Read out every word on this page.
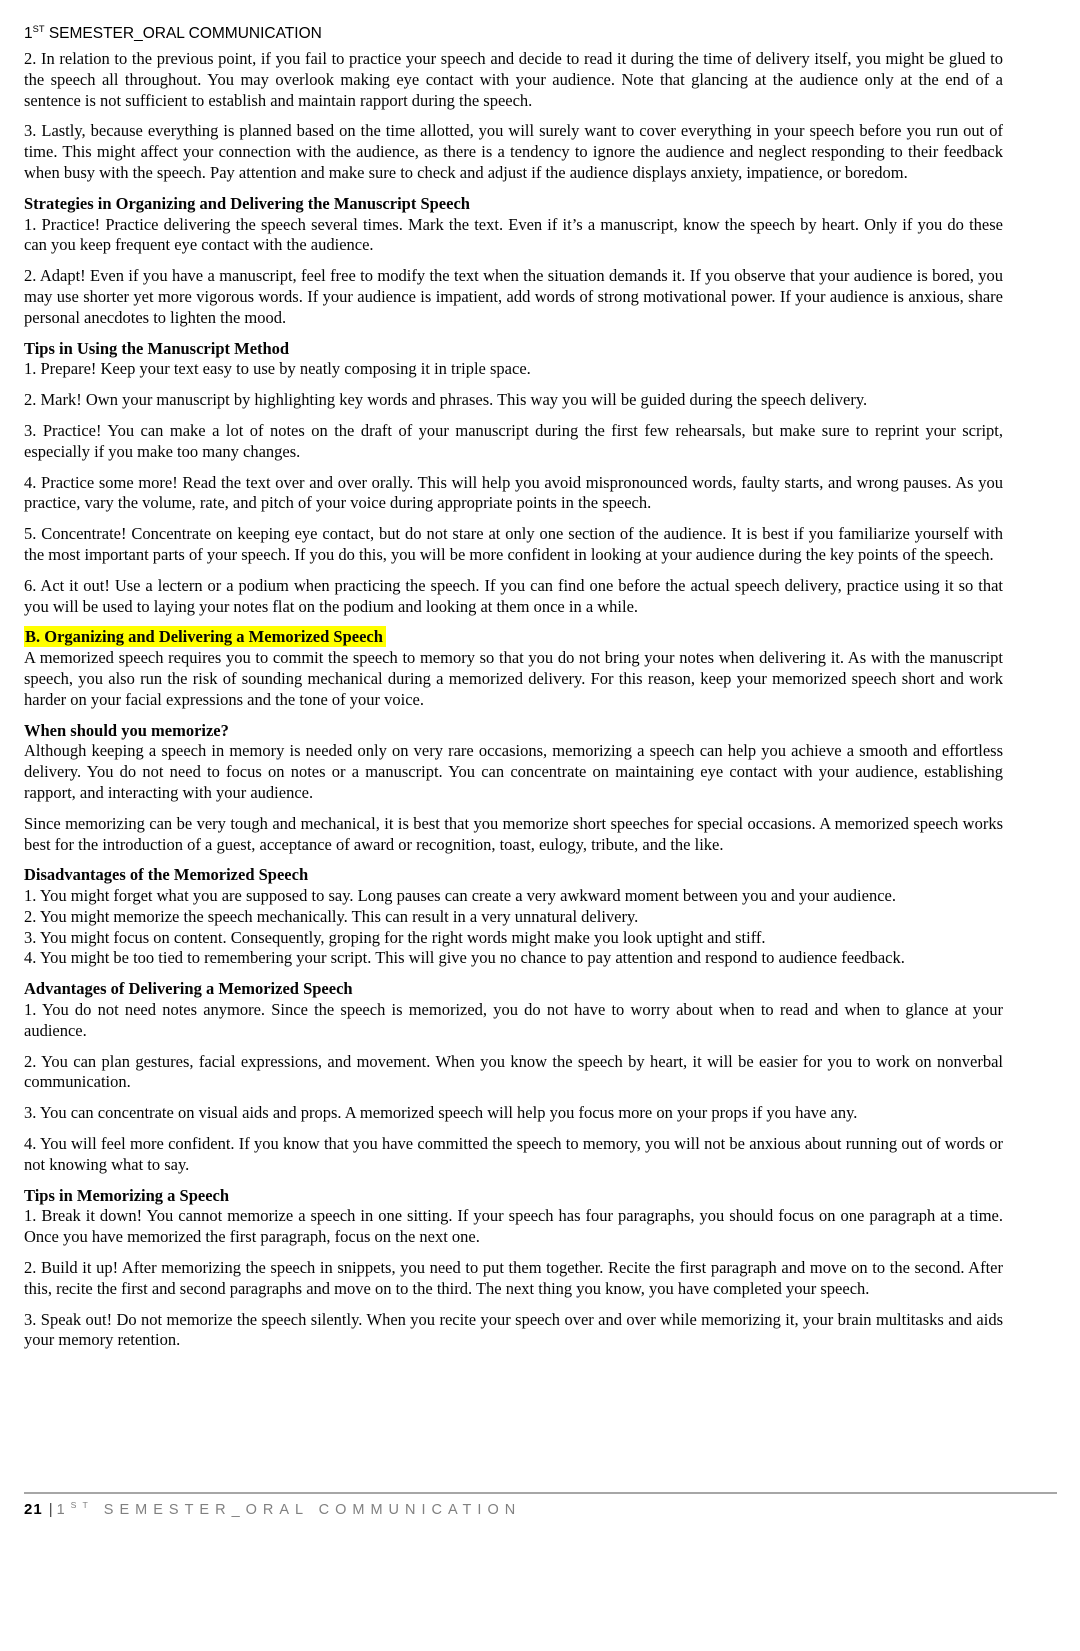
1ST SEMESTER_ORAL COMMUNICATION

2. In relation to the previous point, if you fail to practice your speech and decide to read it during the time of delivery itself, you might be glued to the speech all throughout. You may overlook making eye contact with your audience. Note that glancing at the audience only at the end of a sentence is not sufficient to establish and maintain rapport during the speech.

3. Lastly, because everything is planned based on the time allotted, you will surely want to cover everything in your speech before you run out of time. This might affect your connection with the audience, as there is a tendency to ignore the audience and neglect responding to their feedback when busy with the speech. Pay attention and make sure to check and adjust if the audience displays anxiety, impatience, or boredom.

Strategies in Organizing and Delivering the Manuscript Speech

1. Practice! Practice delivering the speech several times. Mark the text. Even if it’s a manuscript, know the speech by heart. Only if you do these can you keep frequent eye contact with the audience.

2. Adapt! Even if you have a manuscript, feel free to modify the text when the situation demands it. If you observe that your audience is bored, you may use shorter yet more vigorous words. If your audience is impatient, add words of strong motivational power. If your audience is anxious, share personal anecdotes to lighten the mood.

Tips in Using the Manuscript Method

1. Prepare! Keep your text easy to use by neatly composing it in triple space.

2. Mark! Own your manuscript by highlighting key words and phrases. This way you will be guided during the speech delivery.

3. Practice! You can make a lot of notes on the draft of your manuscript during the first few rehearsals, but make sure to reprint your script, especially if you make too many changes.

4. Practice some more! Read the text over and over orally. This will help you avoid mispronounced words, faulty starts, and wrong pauses. As you practice, vary the volume, rate, and pitch of your voice during appropriate points in the speech.

5. Concentrate! Concentrate on keeping eye contact, but do not stare at only one section of the audience. It is best if you familiarize yourself with the most important parts of your speech. If you do this, you will be more confident in looking at your audience during the key points of the speech.

6. Act it out! Use a lectern or a podium when practicing the speech. If you can find one before the actual speech delivery, practice using it so that you will be used to laying your notes flat on the podium and looking at them once in a while.

B. Organizing and Delivering a Memorized Speech

A memorized speech requires you to commit the speech to memory so that you do not bring your notes when delivering it. As with the manuscript speech, you also run the risk of sounding mechanical during a memorized delivery. For this reason, keep your memorized speech short and work harder on your facial expressions and the tone of your voice.

When should you memorize?

Although keeping a speech in memory is needed only on very rare occasions, memorizing a speech can help you achieve a smooth and effortless delivery. You do not need to focus on notes or a manuscript. You can concentrate on maintaining eye contact with your audience, establishing rapport, and interacting with your audience.

Since memorizing can be very tough and mechanical, it is best that you memorize short speeches for special occasions. A memorized speech works best for the introduction of a guest, acceptance of award or recognition, toast, eulogy, tribute, and the like.

Disadvantages of the Memorized Speech

1. You might forget what you are supposed to say. Long pauses can create a very awkward moment between you and your audience.

2. You might memorize the speech mechanically. This can result in a very unnatural delivery.

3. You might focus on content. Consequently, groping for the right words might make you look uptight and stiff.

4. You might be too tied to remembering your script. This will give you no chance to pay attention and respond to audience feedback.

Advantages of Delivering a Memorized Speech

1. You do not need notes anymore. Since the speech is memorized, you do not have to worry about when to read and when to glance at your audience.

2. You can plan gestures, facial expressions, and movement. When you know the speech by heart, it will be easier for you to work on nonverbal communication.

3. You can concentrate on visual aids and props. A memorized speech will help you focus more on your props if you have any.

4. You will feel more confident. If you know that you have committed the speech to memory, you will not be anxious about running out of words or not knowing what to say.

Tips in Memorizing a Speech

1. Break it down! You cannot memorize a speech in one sitting. If your speech has four paragraphs, you should focus on one paragraph at a time. Once you have memorized the first paragraph, focus on the next one.

2. Build it up! After memorizing the speech in snippets, you need to put them together. Recite the first paragraph and move on to the second. After this, recite the first and second paragraphs and move on to the third. The next thing you know, you have completed your speech.

3. Speak out! Do not memorize the speech silently. When you recite your speech over and over while memorizing it, your brain multitasks and aids your memory retention.

21 | 1ST SEMESTER_ORAL COMMUNICATION
